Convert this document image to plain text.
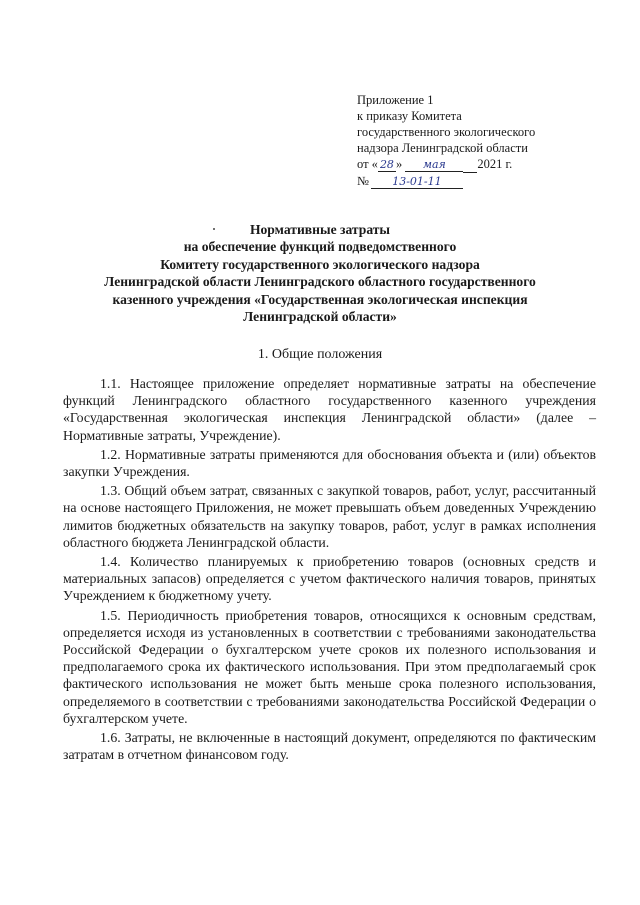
Приложение 1
к приказу Комитета
государственного экологического
надзора Ленинградской области
от « 28 » мая	2021 г.
№ 13-01-11
Нормативные затраты
на обеспечение функций подведомственного
Комитету государственного экологического надзора
Ленинградской области Ленинградского областного государственного
казенного учреждения «Государственная экологическая инспекция
Ленинградской области»
1. Общие положения

1.1. Настоящее приложение определяет нормативные затраты на обеспечение функций Ленинградского областного государственного казенного учреждения «Государственная экологическая инспекция Ленинградской области» (далее – Нормативные затраты, Учреждение).

1.2. Нормативные затраты применяются для обоснования объекта и (или) объектов закупки Учреждения.

1.3. Общий объем затрат, связанных с закупкой товаров, работ, услуг, рассчитанный на основе настоящего Приложения, не может превышать объем доведенных Учреждению лимитов бюджетных обязательств на закупку товаров, работ, услуг в рамках исполнения областного бюджета Ленинградской области.

1.4. Количество планируемых к приобретению товаров (основных средств и материальных запасов) определяется с учетом фактического наличия товаров, принятых Учреждением к бюджетному учету.

1.5. Периодичность приобретения товаров, относящихся к основным средствам, определяется исходя из установленных в соответствии с требованиями законодательства Российской Федерации о бухгалтерском учете сроков их полезного использования и предполагаемого срока их фактического использования. При этом предполагаемый срок фактического использования не может быть меньше срока полезного использования, определяемого в соответствии с требованиями законодательства Российской Федерации о бухгалтерском учете.

1.6. Затраты, не включенные в настоящий документ, определяются по фактическим затратам в отчетном финансовом году.
